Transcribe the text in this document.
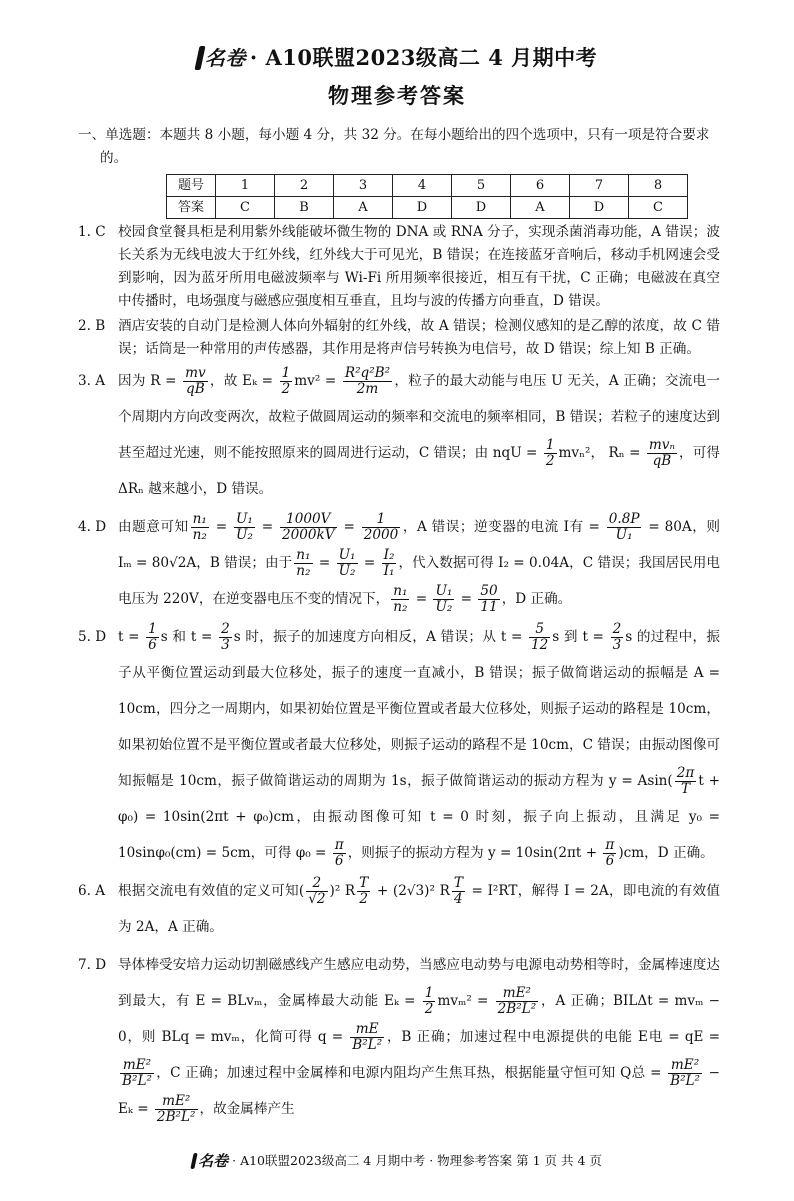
名卷 · A10联盟2023级高二 4 月期中考
物理参考答案
一、单选题：本题共 8 小题，每小题 4 分，共 32 分。在每小题给出的四个选项中，只有一项是符合要求
的。
题号	1	2	3	4	5	6	7	8
答案	C	B	A	D	D	A	D	C
1. C 校园食堂餐具柜是利用紫外线能破坏微生物的 DNA 或 RNA 分子，实现杀菌消毒功能，A 错误；波长关系为无线电波大于红外线，红外线大于可见光，B 错误；在连接蓝牙音响后，移动手机网速会受到影响，因为蓝牙所用电磁波频率与 Wi-Fi 所用频率很接近，相互有干扰，C 正确；电磁波在真空中传播时，电场强度与磁感应强度相互垂直，且均与波的传播方向垂直，D 错误。
2. B 酒店安装的自动门是检测人体向外辐射的红外线，故 A 错误；检测仪感知的是乙醇的浓度，故 C 错误；话筒是一种常用的声传感器，其作用是将声信号转换为电信号，故 D 错误；综上知 B 正确。
3. A 因为 $R = \frac{mv}{qB}$ ，故 $E_k = \frac{1}{2} mv^2 = \frac{\text{R²q²B²}}{2m}$ ，粒子的最大动能与电压 U 无关，A 正确；交流电一个周期内方向改变两次，故粒子做圆周运动的频率和交流电的频率相同，B 错误；若粒子的速度达到甚至超过光速，则不能按照原来的圆周进行运动，C 错误；由 nqU = $\frac{1}{2} mv_n^2$， $R_n = \frac{\text{mvₙ}}{qB}$ ，可得 ΔRₙ 越来越小，D 错误。
4. D 由题意可知 $\frac{\text{n₁}}{\text{n₂}} = \frac{\text{U₁}}{\text{U₂}} = \frac{1000V}{2000kV} = \frac{1}{2000}$ ，A 错误；逆变器的电流 I有 = $\frac{0.8P}{\text{U₁}} = 80A$，则 Iₘ = 80√2A，B 错误；由于 $\frac{\text{n₁}}{\text{n₂}} = \frac{\text{U₁}}{\text{U₂}} = \frac{\text{I₂}}{\text{I₁}}$ ，代入数据可得 I₂ = 0.04A，C 错误；我国居民用电电压为 220V，在逆变器电压不变的情况下， $\frac{\text{n₁}}{\text{n₂}} = \frac{\text{U₁}}{\text{U₂}} = \frac{50}{11}$ ，D 正确。
5. D $t = \frac{1}{6}$ s 和 $t = \frac{2}{3}$ s 时，振子的加速度方向相反，A 错误；从 $t = \frac{5}{12}$ s 到 $t = \frac{2}{3}$ s 的过程中，振子从平衡位置运动到最大位移处，振子的速度一直减小，B 错误；振子做简谐运动的振幅是 A = 10cm，四分之一周期内，如果初始位置是平衡位置或者最大位移处，则振子运动的路程是 10cm，如果初始位置不是平衡位置或者最大位移处，则振子运动的路程不是 10cm，C 错误；由振动图像可知振幅是 10cm，振子做简谐运动的周期为 1s，振子做简谐运动的振动方程为 $y = Asin( \frac{2\pi}{T}$ t + φ₀) = 10sin(2πt + φ₀)cm，由振动图像可知 t = 0 时刻，振子向上振动，且满足 y₀ = 10sinφ₀(cm) = 5cm，可得 $\varphi_0 = \frac{\pi}{6}$ ，则振子的振动方程为 $y = 10\sin(2\pi t + \frac{\pi}{6} )cm$，D 正确。
6. A 根据交流电有效值的定义可知( $\frac{2}{√2} )^2$ R $\frac{T}{2} + (2√3)^2$ R $\frac{T}{4} = I^2RT$，解得 I = 2A，即电流的有效值为 2A，A 正确。
7. D 导体棒受安培力运动切割磁感线产生感应电动势，当感应电动势与电源电动势相等时，金属棒速度达到最大，有 E = BLvₘ，金属棒最大动能 $E_k = \frac{1}{2} mv_m^2 = \frac{\text{mE²}}{\text{2B²L²}}$ ，A 正确；BILΔt = mvₘ − 0，则 BLq = mvₘ，化简可得 $q = \frac{mE}{\text{B²L²}}$ ，B 正确；加速过程中电源提供的电能 E电 = qE =
$\frac{\text{mE²}}{\text{B²L²}}$ ，C 正确；加速过程中金属棒和电源内阻均产生焦耳热，根据能量守恒可知 Q总 = $\frac{\text{mE²}}{\text{B²L²}} - E_k = \frac{\text{mE²}}{\text{2B²L²}}$ ，故金属棒产生
名卷 · A10联盟2023级高二 4 月期中考 · 物理参考答案 第 1 页 共 4 页
